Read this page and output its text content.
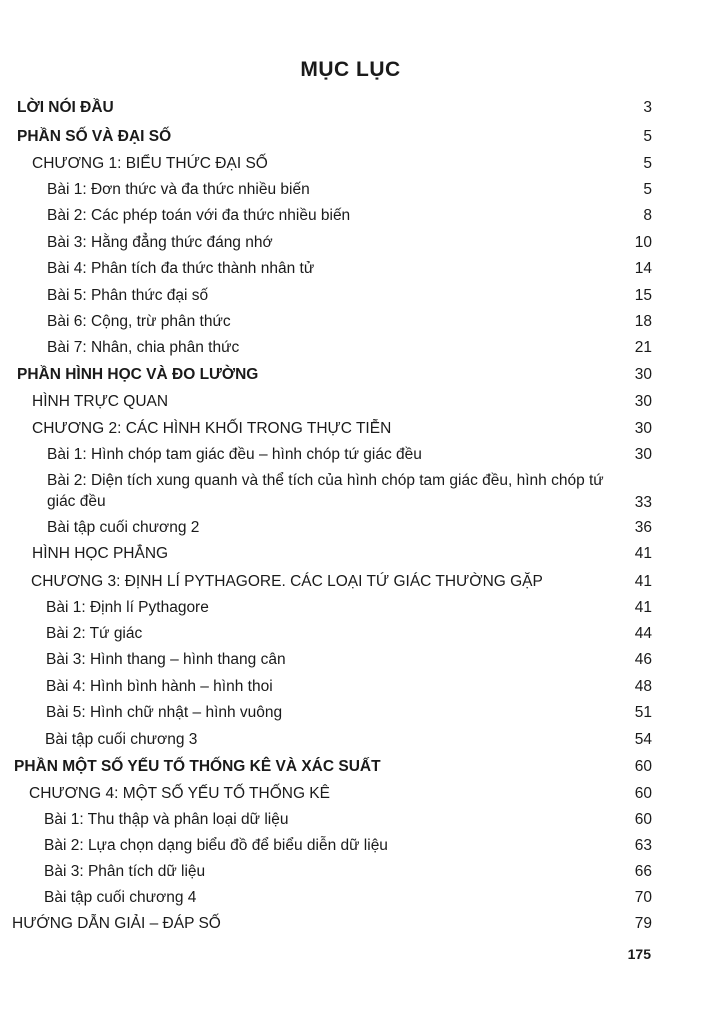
MỤC LỤC
LỜI NÓI ĐẦU	3
PHẦN SỐ VÀ ĐẠI SỐ	5
CHƯƠNG 1: BIỂU THỨC ĐẠI SỐ	5
Bài 1: Đơn thức và đa thức nhiều biến	5
Bài 2: Các phép toán với đa thức nhiều biến	8
Bài 3: Hằng đẳng thức đáng nhớ	10
Bài 4: Phân tích đa thức thành nhân tử	14
Bài 5: Phân thức đại số	15
Bài 6: Cộng, trừ phân thức	18
Bài 7: Nhân, chia phân thức	21
PHẦN HÌNH HỌC VÀ ĐO LƯỜNG	30
HÌNH TRỰC QUAN	30
CHƯƠNG 2: CÁC HÌNH KHỐI TRONG THỰC TIỄN	30
Bài 1: Hình chóp tam giác đều – hình chóp tứ giác đều	30
Bài 2: Diện tích xung quanh và thể tích của hình chóp tam giác đều, hình chóp tứ giác đều	33
Bài tập cuối chương 2	36
HÌNH HỌC PHẲNG	41
CHƯƠNG 3: ĐỊNH LÍ PYTHAGORE. CÁC LOẠI TỨ GIÁC THƯỜNG GẶP	41
Bài 1: Định lí Pythagore	41
Bài 2: Tứ giác	44
Bài 3: Hình thang – hình thang cân	46
Bài 4: Hình bình hành – hình thoi	48
Bài 5: Hình chữ nhật – hình vuông	51
Bài tập cuối chương 3	54
PHẦN MỘT SỐ YẾU TỐ THỐNG KÊ VÀ XÁC SUẤT	60
CHƯƠNG 4: MỘT SỐ YẾU TỐ THỐNG KÊ	60
Bài 1: Thu thập và phân loại dữ liệu	60
Bài 2: Lựa chọn dạng biểu đồ để biểu diễn dữ liệu	63
Bài 3: Phân tích dữ liệu	66
Bài tập cuối chương 4	70
HƯỚNG DẪN GIẢI – ĐÁP SỐ	79
175
